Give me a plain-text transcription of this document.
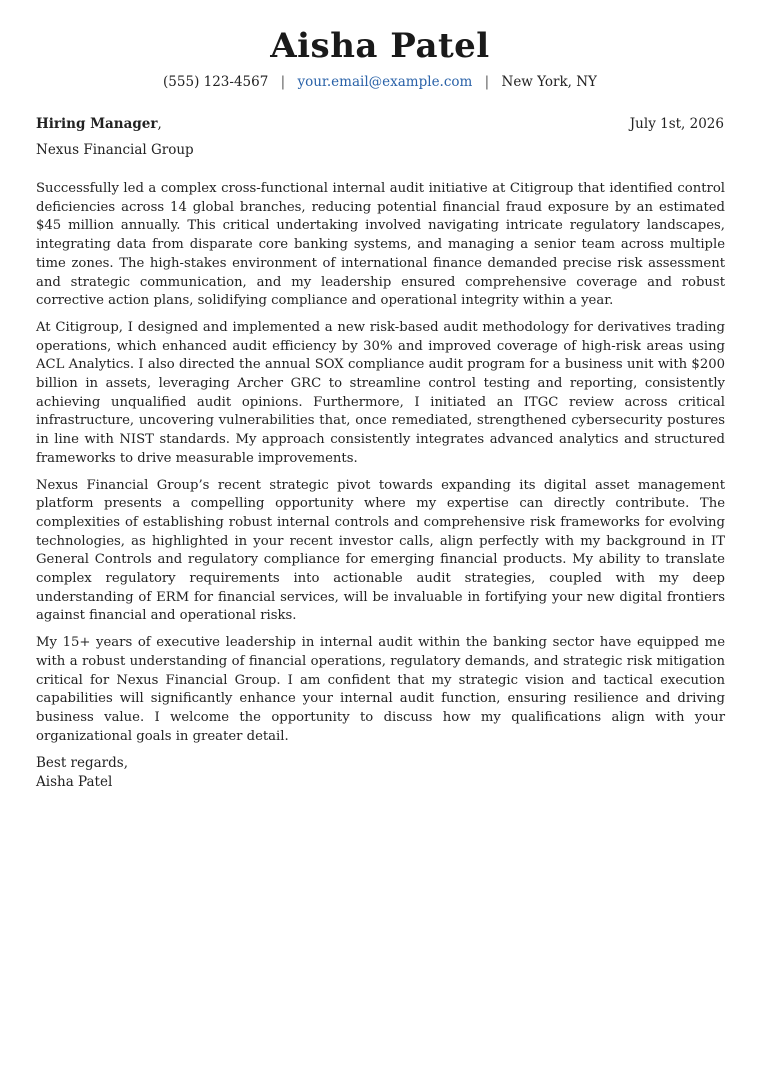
Aisha Patel
(555) 123-4567 | your.email@example.com | New York, NY
Hiring Manager,	July 1st, 2026
Nexus Financial Group

Successfully led a complex cross-functional internal audit initiative at Citigroup that identified control deficiencies across 14 global branches, reducing potential financial fraud exposure by an estimated $45 million annually. This critical undertaking involved navigating intricate regulatory landscapes, integrating data from disparate core banking systems, and managing a senior team across multiple time zones. The high-stakes environment of international finance demanded precise risk assessment and strategic communication, and my leadership ensured comprehensive coverage and robust corrective action plans, solidifying compliance and operational integrity within a year.

At Citigroup, I designed and implemented a new risk-based audit methodology for derivatives trading operations, which enhanced audit efficiency by 30% and improved coverage of high-risk areas using ACL Analytics. I also directed the annual SOX compliance audit program for a business unit with $200 billion in assets, leveraging Archer GRC to streamline control testing and reporting, consistently achieving unqualified audit opinions. Furthermore, I initiated an ITGC review across critical infrastructure, uncovering vulnerabilities that, once remediated, strengthened cybersecurity postures in line with NIST standards. My approach consistently integrates advanced analytics and structured frameworks to drive measurable improvements.

Nexus Financial Group’s recent strategic pivot towards expanding its digital asset management platform presents a compelling opportunity where my expertise can directly contribute. The complexities of establishing robust internal controls and comprehensive risk frameworks for evolving technologies, as highlighted in your recent investor calls, align perfectly with my background in IT General Controls and regulatory compliance for emerging financial products. My ability to translate complex regulatory requirements into actionable audit strategies, coupled with my deep understanding of ERM for financial services, will be invaluable in fortifying your new digital frontiers against financial and operational risks.

My 15+ years of executive leadership in internal audit within the banking sector have equipped me with a robust understanding of financial operations, regulatory demands, and strategic risk mitigation critical for Nexus Financial Group. I am confident that my strategic vision and tactical execution capabilities will significantly enhance your internal audit function, ensuring resilience and driving business value. I welcome the opportunity to discuss how my qualifications align with your organizational goals in greater detail.

Best regards,
Aisha Patel
